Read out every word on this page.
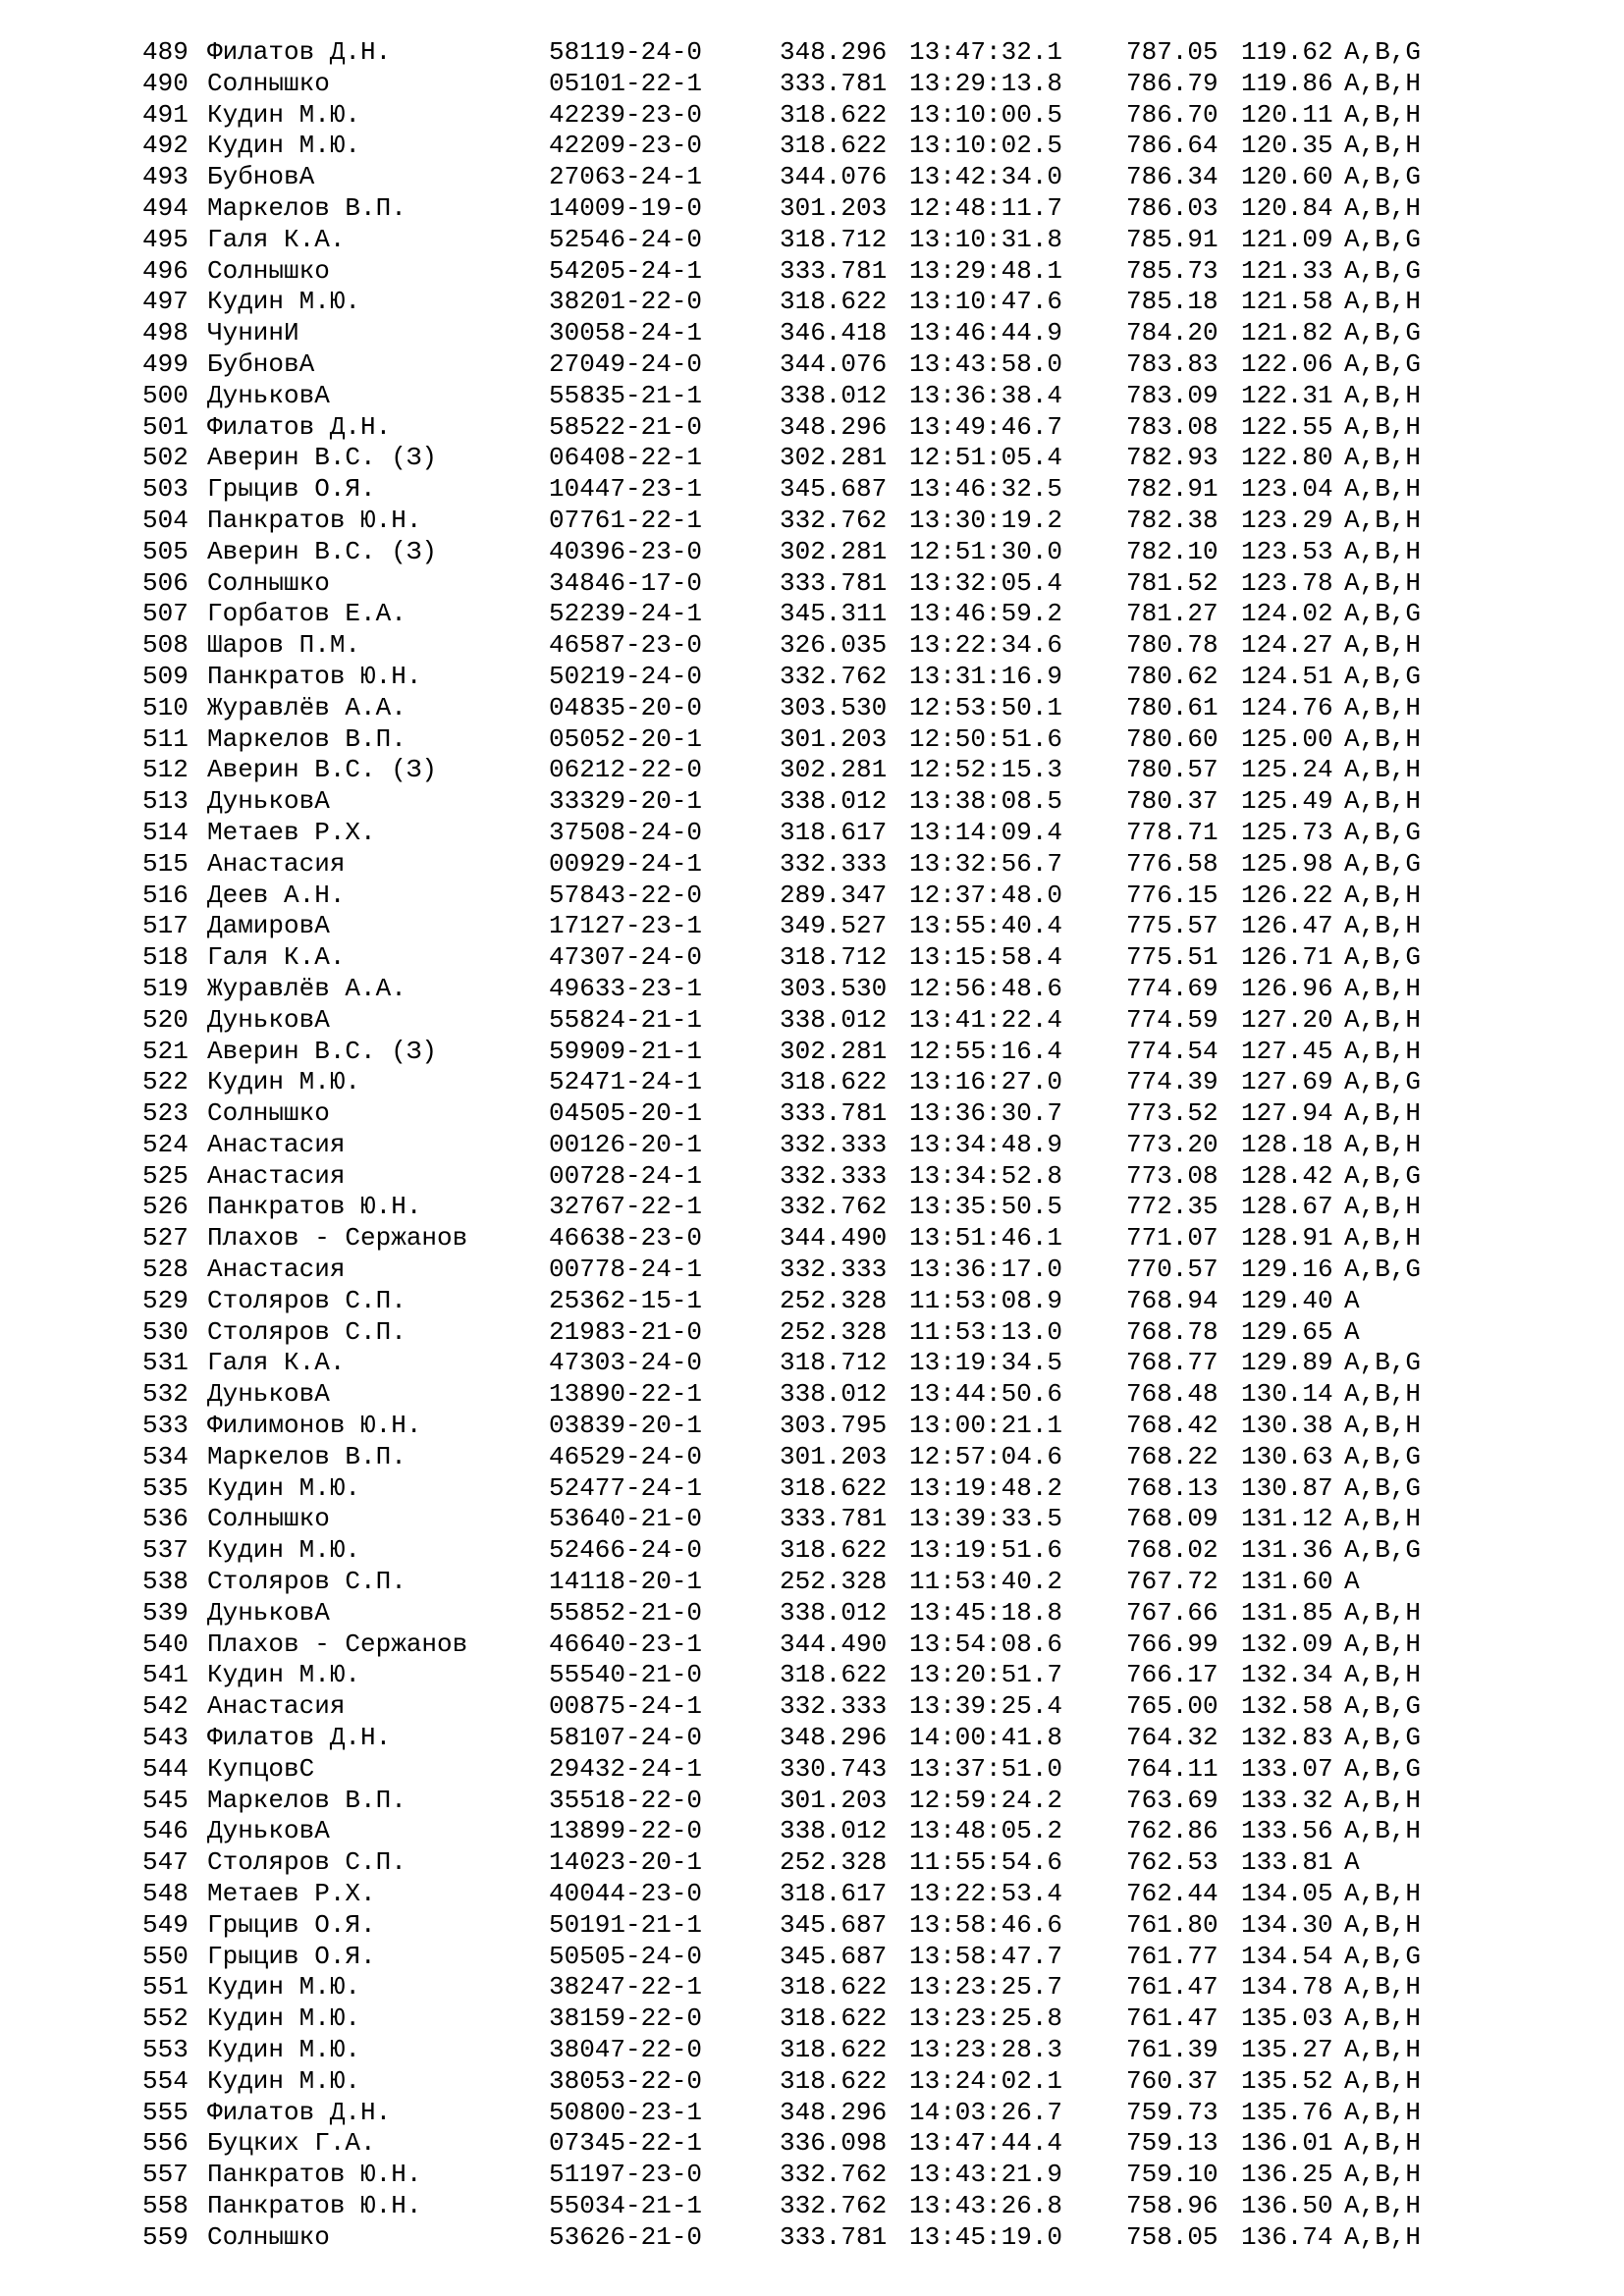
489 Филатов Д.Н.	58119-24-0	348.296 13:47:32.1	787.05 119.62 A,B,G
490 Солнышко	05101-22-1	333.781 13:29:13.8	786.79 119.86 A,B,H
491 Кудин М.Ю.	42239-23-0	318.622 13:10:00.5	786.70 120.11 A,B,H
492 Кудин М.Ю.	42209-23-0	318.622 13:10:02.5	786.64 120.35 A,B,H
493 БубновА	27063-24-1	344.076 13:42:34.0	786.34 120.60 A,B,G
494 Маркелов В.П.	14009-19-0	301.203 12:48:11.7	786.03 120.84 A,B,H
495 Галя К.А.	52546-24-0	318.712 13:10:31.8	785.91 121.09 A,B,G
496 Солнышко	54205-24-1	333.781 13:29:48.1	785.73 121.33 A,B,G
497 Кудин М.Ю.	38201-22-0	318.622 13:10:47.6	785.18 121.58 A,B,H
498 ЧунинИ	30058-24-1	346.418 13:46:44.9	784.20 121.82 A,B,G
499 БубновА	27049-24-0	344.076 13:43:58.0	783.83 122.06 A,B,G
500 ДуньковА	55835-21-1	338.012 13:36:38.4	783.09 122.31 A,B,H
501 Филатов Д.Н.	58522-21-0	348.296 13:49:46.7	783.08 122.55 A,B,H
502 Аверин В.С. (З)	06408-22-1	302.281 12:51:05.4	782.93 122.80 A,B,H
503 Грыцив О.Я.	10447-23-1	345.687 13:46:32.5	782.91 123.04 A,B,H
504 Панкратов Ю.Н.	07761-22-1	332.762 13:30:19.2	782.38 123.29 A,B,H
505 Аверин В.С. (З)	40396-23-0	302.281 12:51:30.0	782.10 123.53 A,B,H
506 Солнышко	34846-17-0	333.781 13:32:05.4	781.52 123.78 A,B,H
507 Горбатов Е.А.	52239-24-1	345.311 13:46:59.2	781.27 124.02 A,B,G
508 Шаров П.М.	46587-23-0	326.035 13:22:34.6	780.78 124.27 A,B,H
509 Панкратов Ю.Н.	50219-24-0	332.762 13:31:16.9	780.62 124.51 A,B,G
510 Журавлёв А.А.	04835-20-0	303.530 12:53:50.1	780.61 124.76 A,B,H
511 Маркелов В.П.	05052-20-1	301.203 12:50:51.6	780.60 125.00 A,B,H
512 Аверин В.С. (З)	06212-22-0	302.281 12:52:15.3	780.57 125.24 A,B,H
513 ДуньковА	33329-20-1	338.012 13:38:08.5	780.37 125.49 A,B,H
514 Метаев Р.Х.	37508-24-0	318.617 13:14:09.4	778.71 125.73 A,B,G
515 Анастасия	00929-24-1	332.333 13:32:56.7	776.58 125.98 A,B,G
516 Деев А.Н.	57843-22-0	289.347 12:37:48.0	776.15 126.22 A,B,H
517 ДамировА	17127-23-1	349.527 13:55:40.4	775.57 126.47 A,B,H
518 Галя К.А.	47307-24-0	318.712 13:15:58.4	775.51 126.71 A,B,G
519 Журавлёв А.А.	49633-23-1	303.530 12:56:48.6	774.69 126.96 A,B,H
520 ДуньковА	55824-21-1	338.012 13:41:22.4	774.59 127.20 A,B,H
521 Аверин В.С. (З)	59909-21-1	302.281 12:55:16.4	774.54 127.45 A,B,H
522 Кудин М.Ю.	52471-24-1	318.622 13:16:27.0	774.39 127.69 A,B,G
523 Солнышко	04505-20-1	333.781 13:36:30.7	773.52 127.94 A,B,H
524 Анастасия	00126-20-1	332.333 13:34:48.9	773.20 128.18 A,B,H
525 Анастасия	00728-24-1	332.333 13:34:52.8	773.08 128.42 A,B,G
526 Панкратов Ю.Н.	32767-22-1	332.762 13:35:50.5	772.35 128.67 A,B,H
527 Плахов - Сержанов	46638-23-0	344.490 13:51:46.1	771.07 128.91 A,B,H
528 Анастасия	00778-24-1	332.333 13:36:17.0	770.57 129.16 A,B,G
529 Столяров С.П.	25362-15-1	252.328 11:53:08.9	768.94 129.40 A
530 Столяров С.П.	21983-21-0	252.328 11:53:13.0	768.78 129.65 A
531 Галя К.А.	47303-24-0	318.712 13:19:34.5	768.77 129.89 A,B,G
532 ДуньковА	13890-22-1	338.012 13:44:50.6	768.48 130.14 A,B,H
533 Филимонов Ю.Н.	03839-20-1	303.795 13:00:21.1	768.42 130.38 A,B,H
534 Маркелов В.П.	46529-24-0	301.203 12:57:04.6	768.22 130.63 A,B,G
535 Кудин М.Ю.	52477-24-1	318.622 13:19:48.2	768.13 130.87 A,B,G
536 Солнышко	53640-21-0	333.781 13:39:33.5	768.09 131.12 A,B,H
537 Кудин М.Ю.	52466-24-0	318.622 13:19:51.6	768.02 131.36 A,B,G
538 Столяров С.П.	14118-20-1	252.328 11:53:40.2	767.72 131.60 A
539 ДуньковА	55852-21-0	338.012 13:45:18.8	767.66 131.85 A,B,H
540 Плахов - Сержанов	46640-23-1	344.490 13:54:08.6	766.99 132.09 A,B,H
541 Кудин М.Ю.	55540-21-0	318.622 13:20:51.7	766.17 132.34 A,B,H
542 Анастасия	00875-24-1	332.333 13:39:25.4	765.00 132.58 A,B,G
543 Филатов Д.Н.	58107-24-0	348.296 14:00:41.8	764.32 132.83 A,B,G
544 КупцовС	29432-24-1	330.743 13:37:51.0	764.11 133.07 A,B,G
545 Маркелов В.П.	35518-22-0	301.203 12:59:24.2	763.69 133.32 A,B,H
546 ДуньковА	13899-22-0	338.012 13:48:05.2	762.86 133.56 A,B,H
547 Столяров С.П.	14023-20-1	252.328 11:55:54.6	762.53 133.81 A
548 Метаев Р.Х.	40044-23-0	318.617 13:22:53.4	762.44 134.05 A,B,H
549 Грыцив О.Я.	50191-21-1	345.687 13:58:46.6	761.80 134.30 A,B,H
550 Грыцив О.Я.	50505-24-0	345.687 13:58:47.7	761.77 134.54 A,B,G
551 Кудин М.Ю.	38247-22-1	318.622 13:23:25.7	761.47 134.78 A,B,H
552 Кудин М.Ю.	38159-22-0	318.622 13:23:25.8	761.47 135.03 A,B,H
553 Кудин М.Ю.	38047-22-0	318.622 13:23:28.3	761.39 135.27 A,B,H
554 Кудин М.Ю.	38053-22-0	318.622 13:24:02.1	760.37 135.52 A,B,H
555 Филатов Д.Н.	50800-23-1	348.296 14:03:26.7	759.73 135.76 A,B,H
556 Буцких Г.А.	07345-22-1	336.098 13:47:44.4	759.13 136.01 A,B,H
557 Панкратов Ю.Н.	51197-23-0	332.762 13:43:21.9	759.10 136.25 A,B,H
558 Панкратов Ю.Н.	55034-21-1	332.762 13:43:26.8	758.96 136.50 A,B,H
559 Солнышко	53626-21-0	333.781 13:45:19.0	758.05 136.74 A,B,H
